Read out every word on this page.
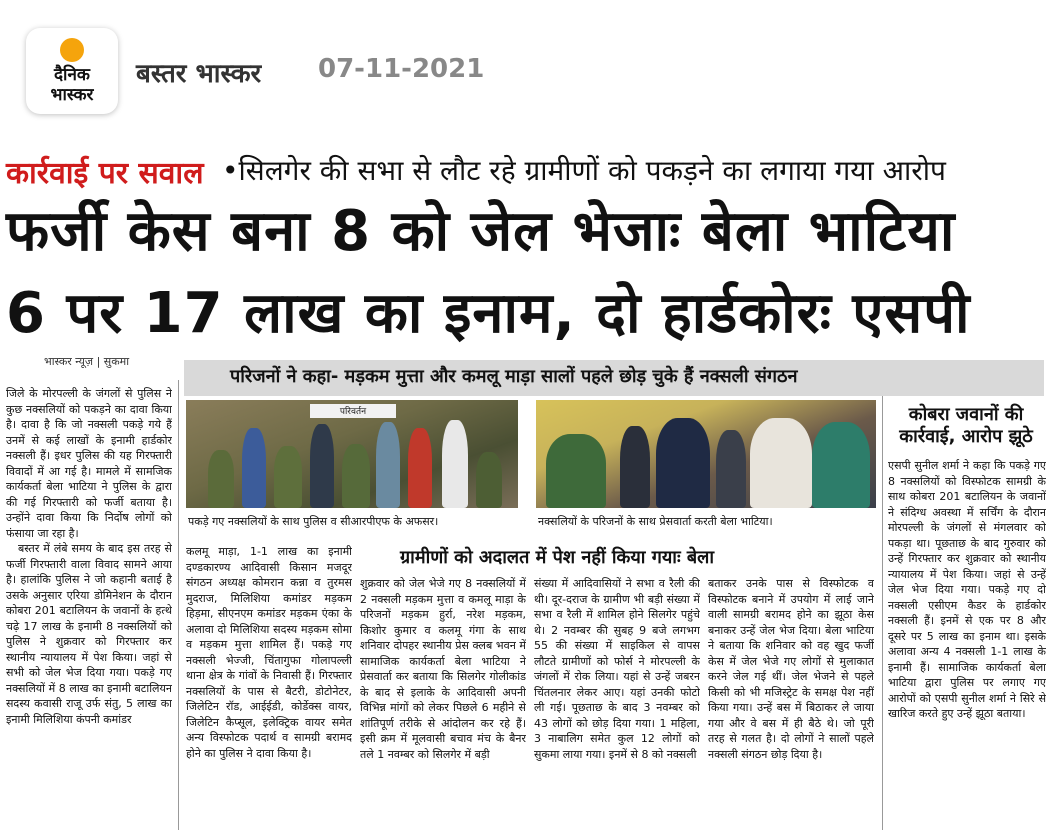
दैनिक
भास्कर
बस्तर भास्कर 07-11-2021
कार्रवाई पर सवाल •सिलगेर की सभा से लौट रहे ग्रामीणों को पकड़ने का लगाया गया आरोप
फर्जी केस बना 8 को जेल भेजाः बेला भाटिया
6 पर 17 लाख का इनाम, दो हार्डकोरः एसपी
भास्कर न्यूज़ | सुकमा

जिले के मोरपल्ली के जंगलों से पुलिस ने कुछ नक्सलियों को पकड़ने का दावा किया है। दावा है कि जो नक्सली पकड़े गये हैं उनमें से कई लाखों के इनामी हार्डकोर नक्सली हैं। इधर पुलिस की यह गिरफ्तारी विवादों में आ गई है। मामले में सामजिक कार्यकर्ता बेला भाटिया ने पुलिस के द्वारा की गई गिरफ्तारी को फर्जी बताया है। उन्होंने दावा किया कि निर्दोष लोगों को फंसाया जा रहा है।

बस्तर में लंबे समय के बाद इस तरह से फर्जी गिरफ्तारी वाला विवाद सामने आया है। हालांकि पुलिस ने जो कहानी बताई है उसके अनुसार एरिया डोमिनेशन के दौरान कोबरा 201 बटालियन के जवानों के हत्थे चढ़े 17 लाख के इनामी 8 नक्सलियों को पुलिस ने शुक्रवार को गिरफ्तार कर स्थानीय न्यायालय में पेश किया। जहां से सभी को जेल भेज दिया गया। पकड़े गए नक्सलियों में 8 लाख का इनामी बटालियन सदस्य कवासी राजू उर्फ संतु, 5 लाख का इनामी मिलिशिया कंपनी कमांडर

परिजनों ने कहा- मड़कम मुत्ता और कमलू माड़ा सालों पहले छोड़ चुके हैं नक्सली संगठन
परिवर्तन
पकड़े गए नक्सलियों के साथ पुलिस व सीआरपीएफ के अफसर।	नक्सलियों के परिजनों के साथ प्रेसवार्ता करती बेला भाटिया।
कोबरा जवानों की कार्रवाई, आरोप झूठे

कलमू माड़ा, 1-1 लाख का इनामी दण्डकारण्य आदिवासी किसान मजदूर संगठन अध्यक्ष कोमरान कन्ना व तुरमस मुदराज, मिलिशिया कमांडर मड़कम हिड़मा, सीएनएम कमांडर मड़कम एंका के अलावा दो मिलिशिया सदस्य मड़कम सोमा व मड़कम मुत्ता शामिल हैं। पकड़े गए नक्सली भेज्जी, चिंतागुफा गोलापल्ली थाना क्षेत्र के गांवों के निवासी हैं। गिरफ्तार नक्सलियों के पास से बैटरी, डोटोनेटर, जिलेटिन रॉड, आईईडी, कोर्डेक्स वायर, जिलेटिन कैप्सूल, इलेक्ट्रिक वायर समेत अन्य विस्फोटक पदार्थ व सामग्री बरामद होने का पुलिस ने दावा किया है।

ग्रामीणों को अदालत में पेश नहीं किया गयाः बेला

शुक्रवार को जेल भेजे गए 8 नक्सलियों में 2 नक्सली मड़कम मुत्ता व कमलू माड़ा के परिजनों मड़कम हुर्रा, नरेश मड़कम, किशोर कुमार व कलमू गंगा के साथ शनिवार दोपहर स्थानीय प्रेस क्लब भवन में सामाजिक कार्यकर्ता बेला भाटिया ने प्रेसवार्ता कर बताया कि सिलगेर गोलीकांड के बाद से इलाके के आदिवासी अपनी विभिन्न मांगों को लेकर पिछले 6 महीने से शांतिपूर्ण तरीके से आंदोलन कर रहे हैं। इसी क्रम में मूलवासी बचाव मंच के बैनर तले 1 नवम्बर को सिलगेर में बड़ी

संख्या में आदिवासियों ने सभा व रैली की थी। दूर-दराज के ग्रामीण भी बड़ी संख्या में सभा व रैली में शामिल होने सिलगेर पहुंचे थे। 2 नवम्बर की सुबह 9 बजे लगभग 55 की संख्या में साइकिल से वापस लौटते ग्रामीणों को फोर्स ने मोरपल्ली के जंगलों में रोक लिया। यहां से उन्हें जबरन चिंतलनार लेकर आए। यहां उनकी फोटो ली गई। पूछताछ के बाद 3 नवम्बर को 43 लोगों को छोड़ दिया गया। 1 महिला, 3 नाबालिग समेत कुल 12 लोगों को सुकमा लाया गया। इनमें से 8 को नक्सली

बताकर उनके पास से विस्फोटक व विस्फोटक बनाने में उपयोग में लाई जाने वाली सामग्री बरामद होने का झूठा केस बनाकर उन्हें जेल भेज दिया। बेला भाटिया ने बताया कि शनिवार को वह खुद फर्जी केस में जेल भेजे गए लोगों से मुलाकात करने जेल गई थीं। जेल भेजने से पहले किसी को भी मजिस्ट्रेट के समक्ष पेश नहीं किया गया। उन्हें बस में बिठाकर ले जाया गया और वे बस में ही बैठे थे। जो पूरी तरह से गलत है। दो लोगों ने सालों पहले नक्सली संगठन छोड़ दिया है।

एसपी सुनील शर्मा ने कहा कि पकड़े गए 8 नक्सलियों को विस्फोटक सामग्री के साथ कोबरा 201 बटालियन के जवानों ने संदिग्ध अवस्था में सर्चिंग के दौरान मोरपल्ली के जंगलों से मंगलवार को पकड़ा था। पूछताछ के बाद गुरुवार को उन्हें गिरफ्तार कर शुक्रवार को स्थानीय न्यायालय में पेश किया। जहां से उन्हें जेल भेज दिया गया। पकड़े गए दो नक्सली एसीएम कैडर के हार्डकोर नक्सली हैं। इनमें से एक पर 8 और दूसरे पर 5 लाख का इनाम था। इसके अलावा अन्य 4 नक्सली 1-1 लाख के इनामी हैं। सामाजिक कार्यकर्ता बेला भाटिया द्वारा पुलिस पर लगाए गए आरोपों को एसपी सुनील शर्मा ने सिरे से खारिज करते हुए उन्हें झूठा बताया।
